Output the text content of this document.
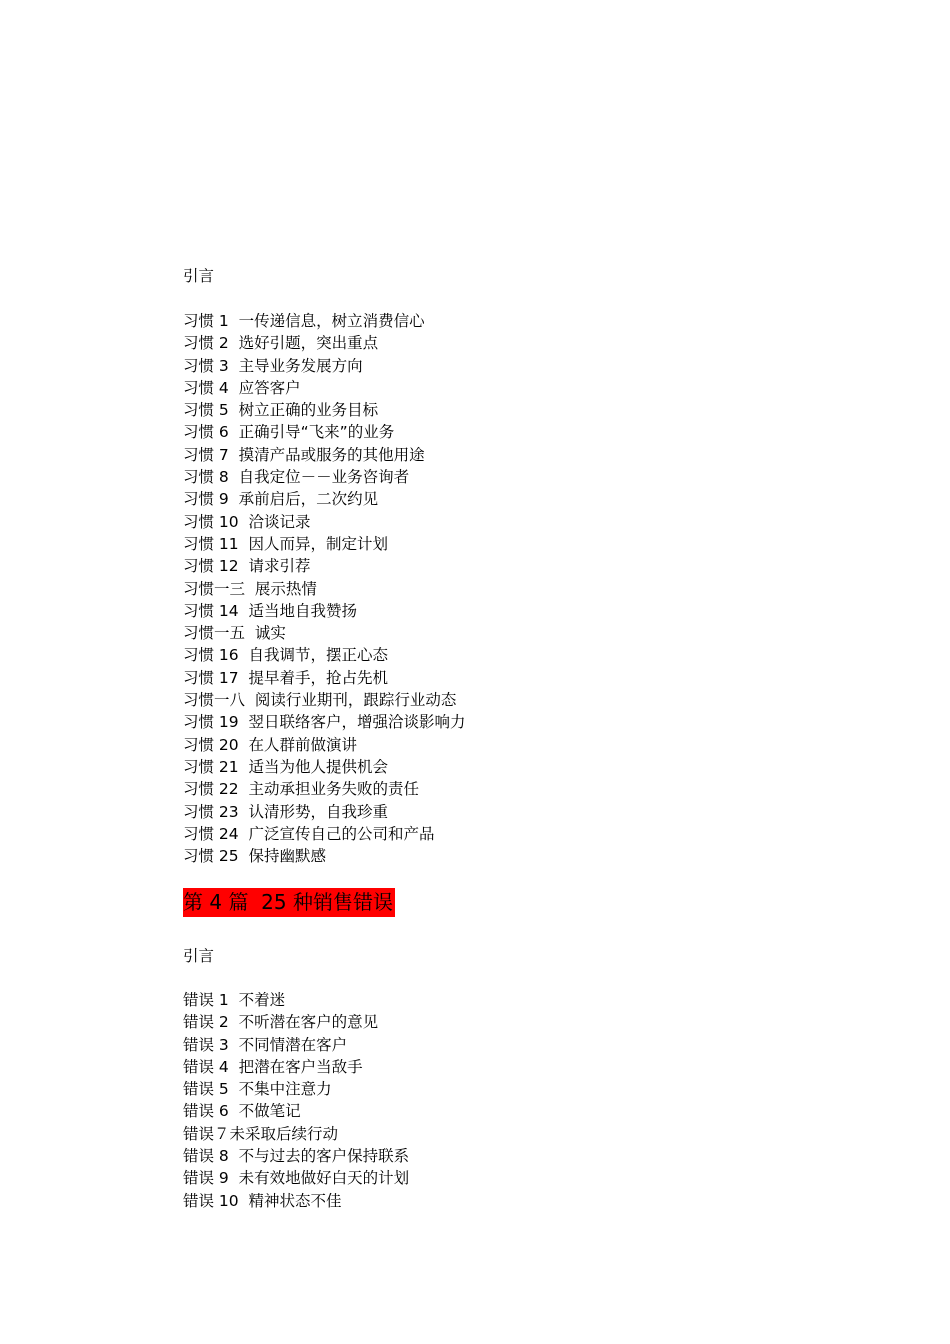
引言
习惯 1  一传递信息，树立消费信心
习惯 2  选好引题，突出重点
习惯 3  主导业务发展方向
习惯 4  应答客户
习惯 5  树立正确的业务目标
习惯 6  正确引导“飞来”的业务
习惯 7  摸清产品或服务的其他用途
习惯 8  自我定位－－业务咨询者
习惯 9  承前启后，二次约见
习惯 10  洽谈记录
习惯 11  因人而异，制定计划
习惯 12  请求引荐
习惯一三  展示热情
习惯 14  适当地自我赞扬
习惯一五  诚实
习惯 16  自我调节，摆正心态
习惯 17  提早着手，抢占先机
习惯一八  阅读行业期刊，跟踪行业动态
习惯 19  翌日联络客户，增强洽谈影响力
习惯 20  在人群前做演讲
习惯 21  适当为他人提供机会
习惯 22  主动承担业务失败的责任
习惯 23  认清形势，自我珍重
习惯 24  广泛宣传自己的公司和产品
习惯 25  保持幽默感
第 4 篇  25 种销售错误
引言
错误 1  不着迷
错误 2  不听潜在客户的意见
错误 3  不同情潜在客户
错误 4  把潜在客户当敌手
错误 5  不集中注意力
错误 6  不做笔记
错误７未采取后续行动
错误 8  不与过去的客户保持联系
错误 9  未有效地做好白天的计划
错误 10  精神状态不佳
